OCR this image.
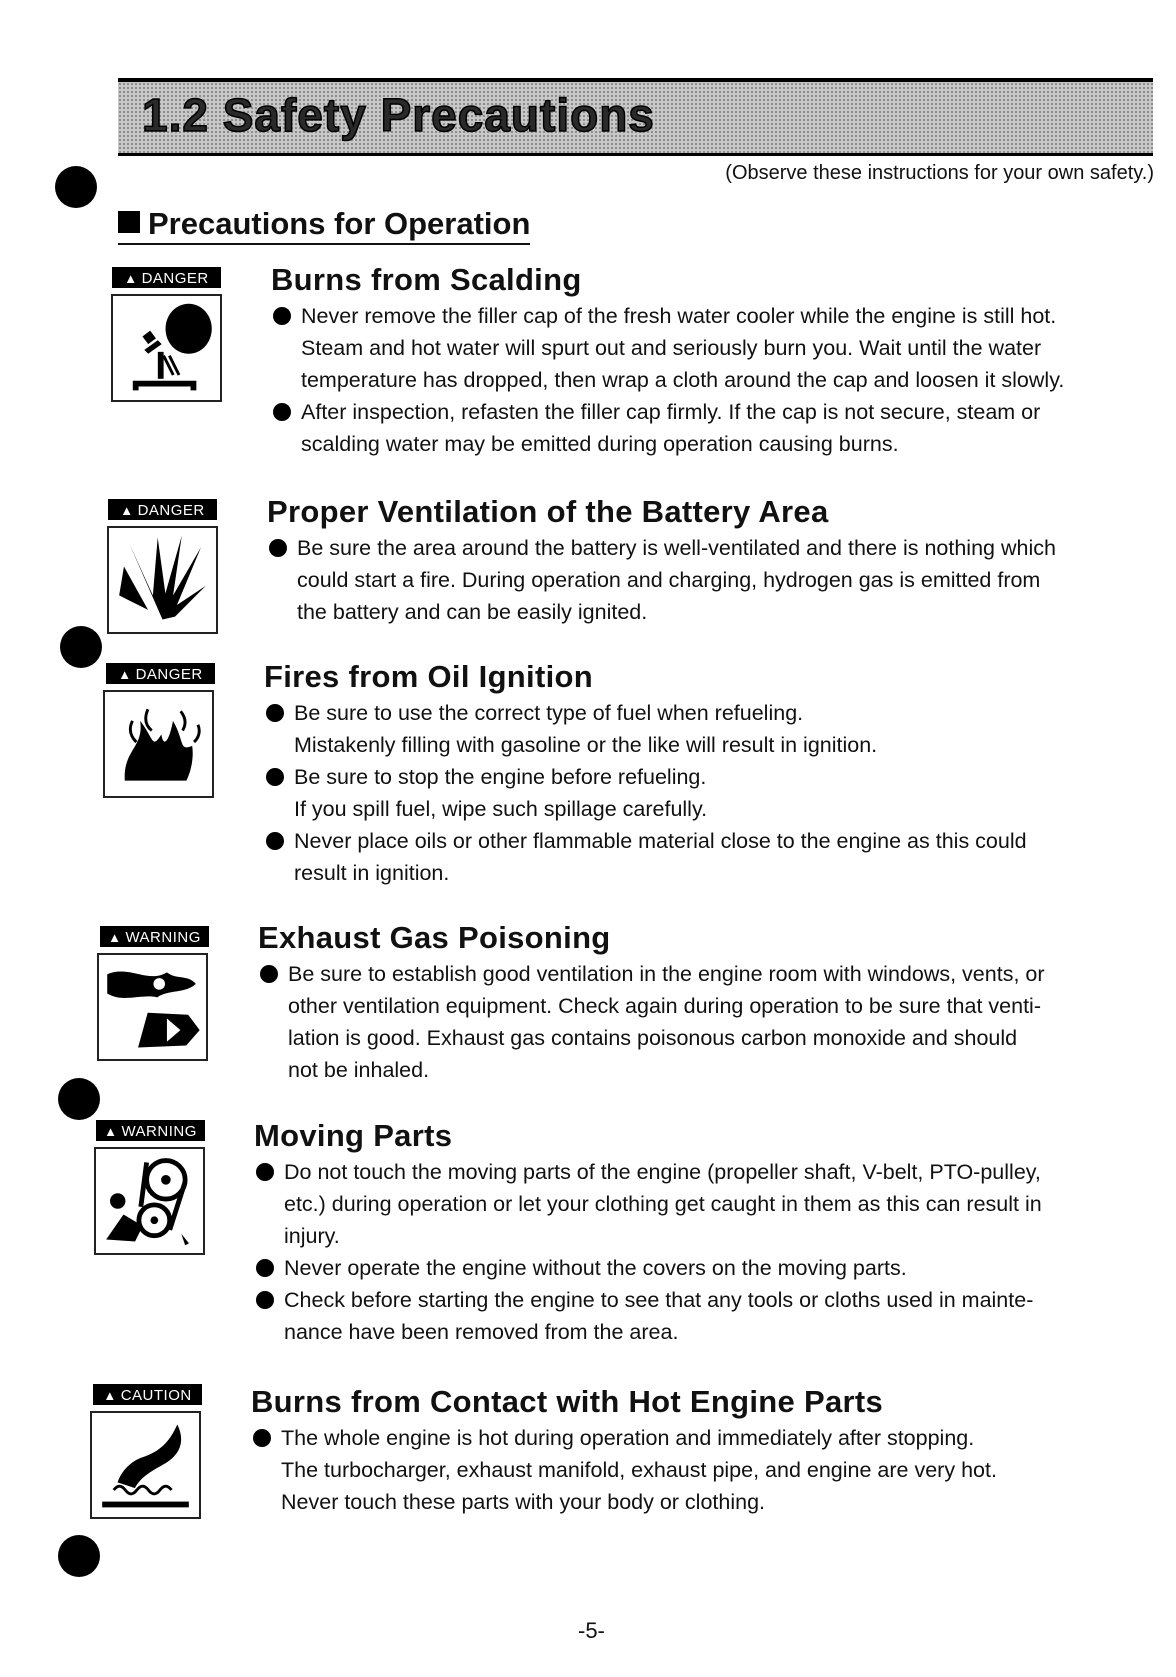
1.2 Safety Precautions
(Observe these instructions for your own safety.)
Precautions for Operation
▲ DANGER	Burns from Scalding
Never remove the filler cap of the fresh water cooler while the engine is still hot.
Steam and hot water will spurt out and seriously burn you. Wait until the water
temperature has dropped, then wrap a cloth around the cap and loosen it slowly.
After inspection, refasten the filler cap firmly. If the cap is not secure, steam or
scalding water may be emitted during operation causing burns.
▲ DANGER	Proper Ventilation of the Battery Area
Be sure the area around the battery is well-ventilated and there is nothing which
could start a fire. During operation and charging, hydrogen gas is emitted from
the battery and can be easily ignited.
▲ DANGER	Fires from Oil Ignition
Be sure to use the correct type of fuel when refueling.
Mistakenly filling with gasoline or the like will result in ignition.
Be sure to stop the engine before refueling.
If you spill fuel, wipe such spillage carefully.
Never place oils or other flammable material close to the engine as this could
result in ignition.
▲ WARNING Exhaust Gas Poisoning
Be sure to establish good ventilation in the engine room with windows, vents, or
other ventilation equipment. Check again during operation to be sure that venti-
lation is good. Exhaust gas contains poisonous carbon monoxide and should
not be inhaled.
▲ WARNING Moving Parts
Do not touch the moving parts of the engine (propeller shaft, V-belt, PTO-pulley,
etc.) during operation or let your clothing get caught in them as this can result in
injury.
Never operate the engine without the covers on the moving parts.
Check before starting the engine to see that any tools or cloths used in mainte-
nance have been removed from the area.
▲ CAUTION	Burns from Contact with Hot Engine Parts
The whole engine is hot during operation and immediately after stopping.
The turbocharger, exhaust manifold, exhaust pipe, and engine are very hot.
Never touch these parts with your body or clothing.
-5-
